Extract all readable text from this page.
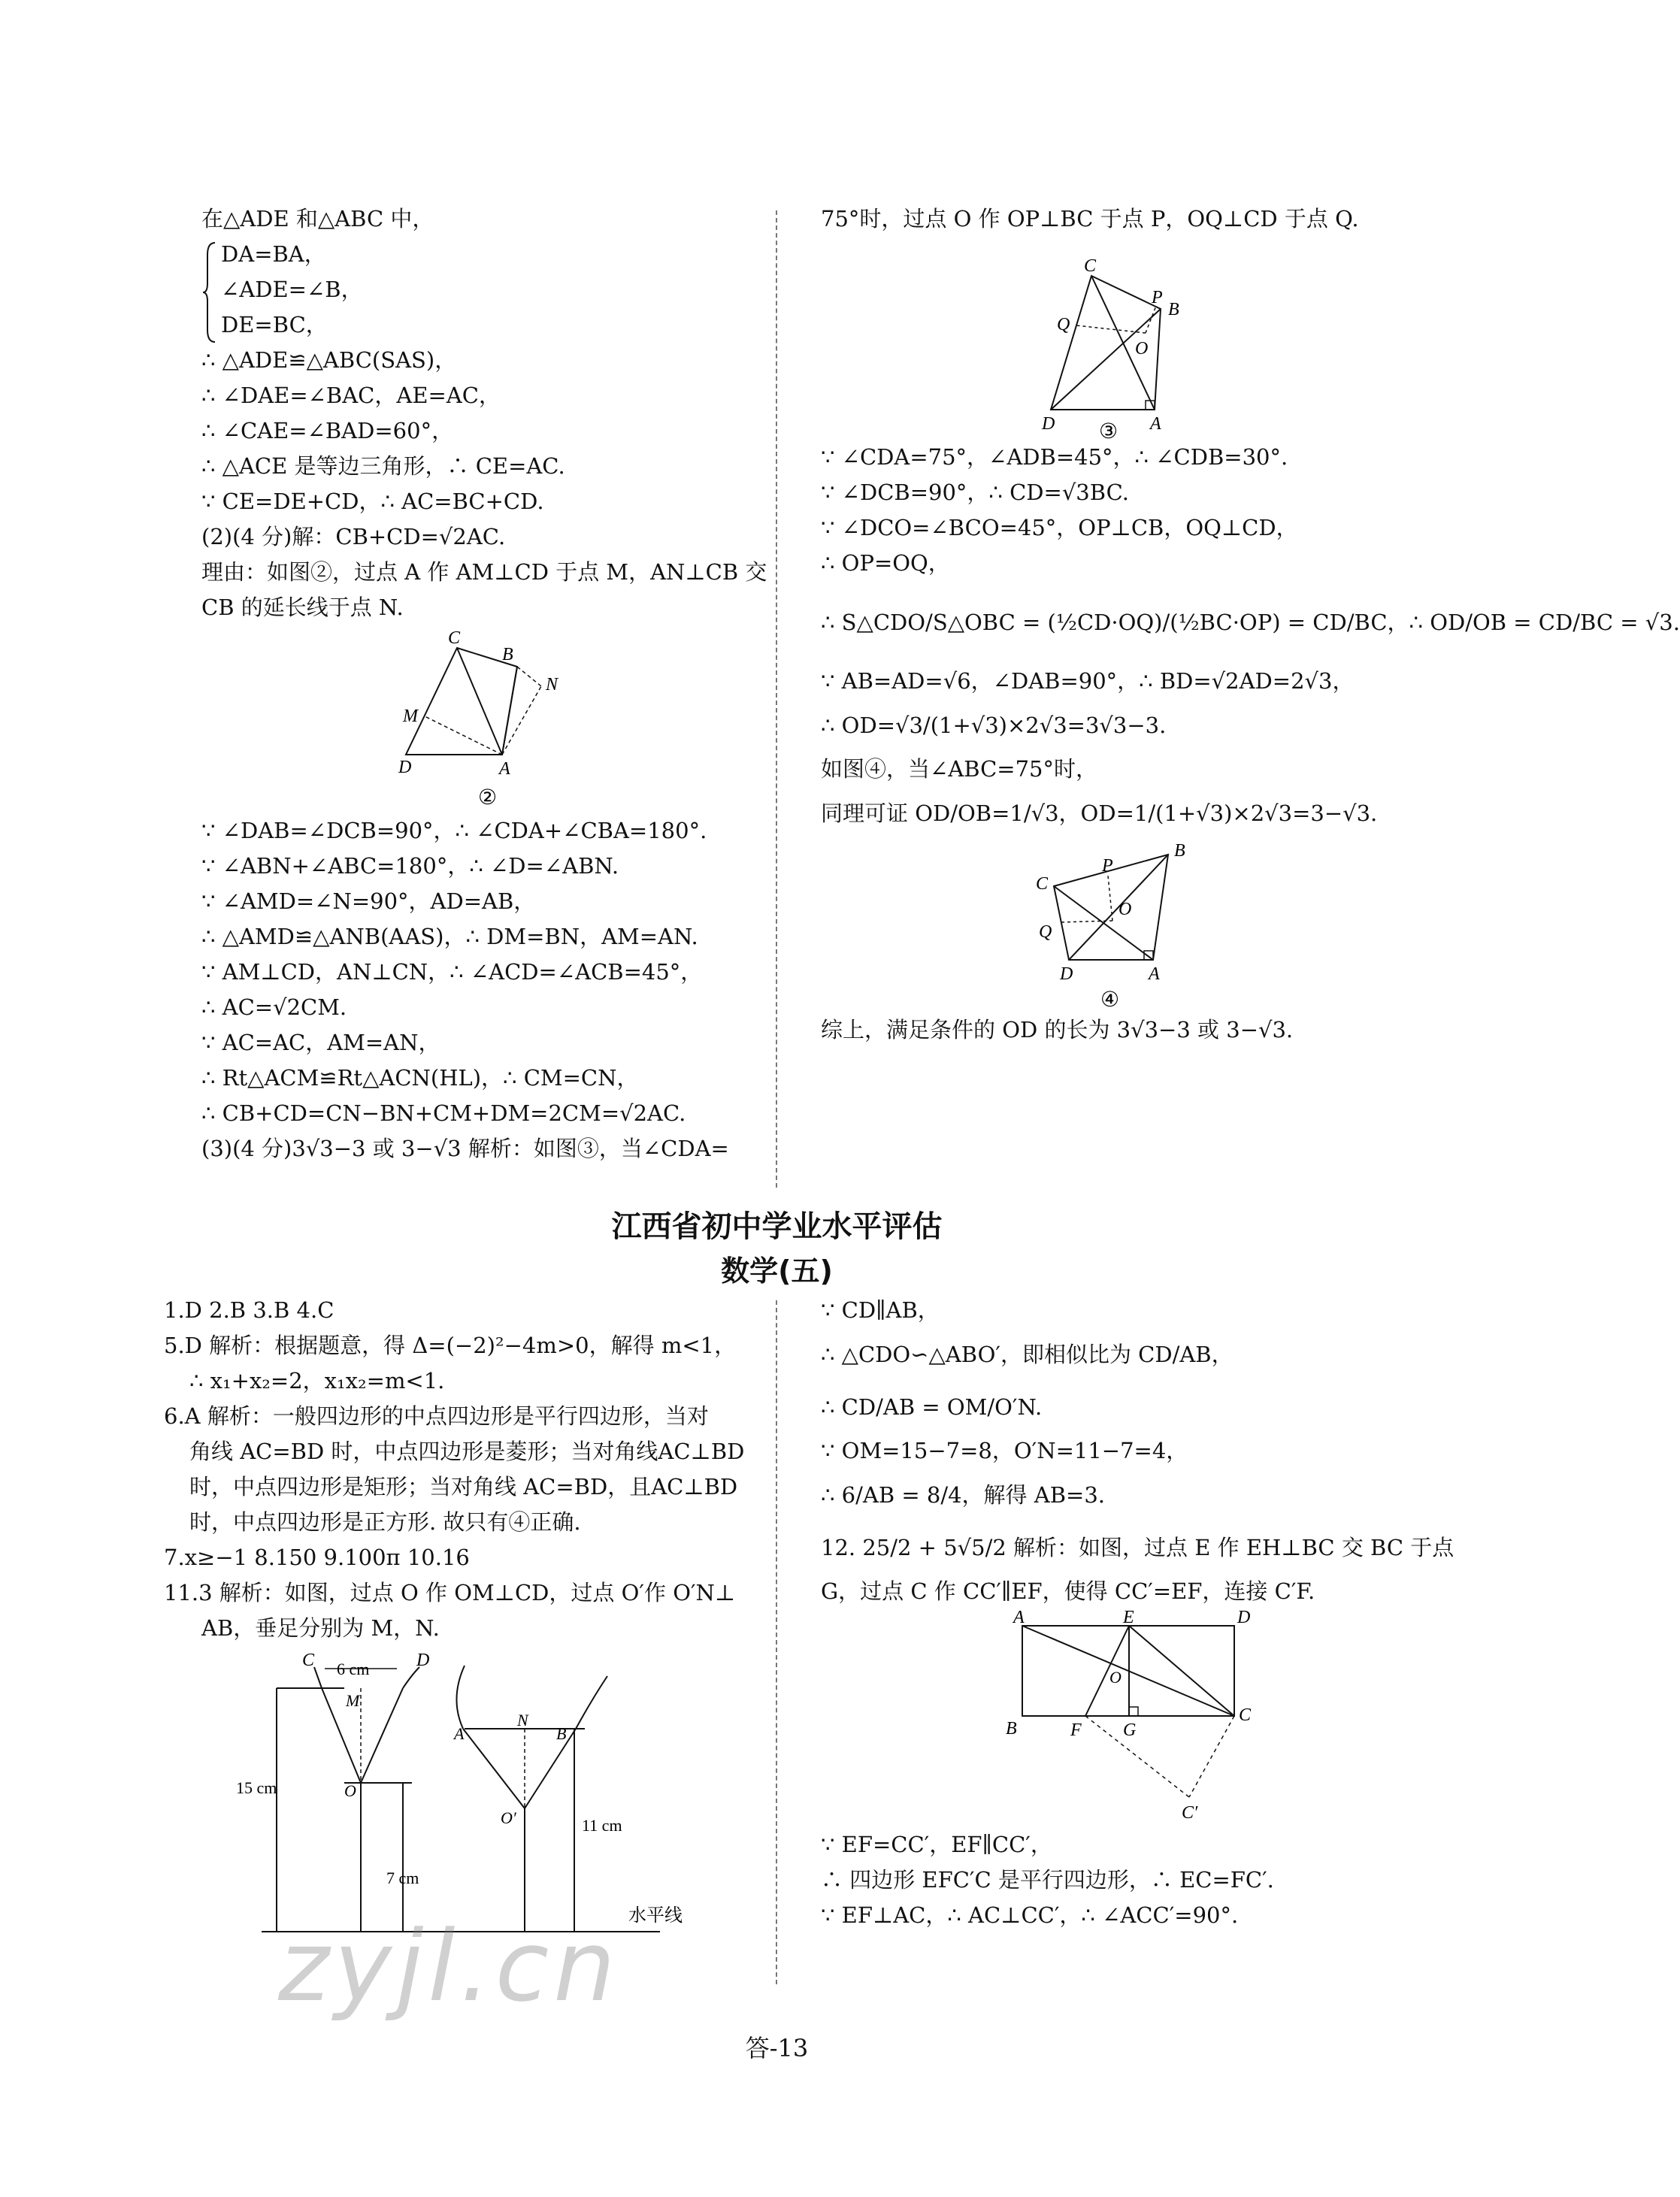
在△ADE 和△ABC 中，
DA=BA，
∠ADE=∠B，
DE=BC，
∴ △ADE≌△ABC(SAS)，
∴ ∠DAE=∠BAC，AE=AC，
∴ ∠CAE=∠BAD=60°，
∴ △ACE 是等边三角形，∴ CE=AC.
∵ CE=DE+CD，∴ AC=BC+CD.
(2)(4 分)解：CB+CD=√2AC.
理由：如图②，过点 A 作 AM⊥CD 于点 M，AN⊥CB 交
CB 的延长线于点 N.
C
B
N
M
D	A
②
∵ ∠DAB=∠DCB=90°，∴ ∠CDA+∠CBA=180°.
∵ ∠ABN+∠ABC=180°，∴ ∠D=∠ABN.
∵ ∠AMD=∠N=90°，AD=AB，
∴ △AMD≌△ANB(AAS)，∴ DM=BN，AM=AN.
∵ AM⊥CD，AN⊥CN，∴ ∠ACD=∠ACB=45°，
∴ AC=√2CM.
∵ AC=AC，AM=AN，
∴ Rt△ACM≌Rt△ACN(HL)，∴ CM=CN，
∴ CB+CD=CN−BN+CM+DM=2CM=√2AC.
(3)(4 分)3√3−3 或 3−√3 解析：如图③，当∠CDA=
75°时，过点 O 作 OP⊥BC 于点 P，OQ⊥CD 于点 Q.
C
P
B
Q
O
D	A
③
∵ ∠CDA=75°，∠ADB=45°，∴ ∠CDB=30°.
∵ ∠DCB=90°，∴ CD=√3BC.
∵ ∠DCO=∠BCO=45°，OP⊥CB，OQ⊥CD，
∴ OP=OQ，
∴ S△CDO/S△OBC = (½CD·OQ)/(½BC·OP) = CD/BC，∴ OD/OB = CD/BC = √3.
∵ AB=AD=√6，∠DAB=90°，∴ BD=√2AD=2√3，
∴ OD=√3/(1+√3)×2√3=3√3−3.
如图④，当∠ABC=75°时，
同理可证 OD/OB=1/√3，OD=1/(1+√3)×2√3=3−√3.
B
C
P
O
Q
D	A
④
综上，满足条件的 OD 的长为 3√3−3 或 3−√3.
江西省初中学业水平评估
数学(五)
1.D 2.B 3.B 4.C
5.D 解析：根据题意，得 Δ=(−2)²−4m>0，解得 m<1，
∴ x₁+x₂=2，x₁x₂=m<1.
6.A 解析：一般四边形的中点四边形是平行四边形，当对
角线 AC=BD 时，中点四边形是菱形；当对角线AC⊥BD
时，中点四边形是矩形；当对角线 AC=BD，且AC⊥BD
时，中点四边形是正方形. 故只有④正确.
7.x≥−1 8.150 9.100π 10.16
11.3 解析：如图，过点 O 作 OM⊥CD，过点 O′作 O′N⊥
AB，垂足分别为 M，N.
C 6 cm	D
M
A
N
B
15 cm	O
O′	11 cm
7 cm
水平线
∵ CD∥AB，
∴ △CDO∽△ABO′，即相似比为 CD/AB，
∴ CD/AB = OM/O′N.
∵ OM=15−7=8，O′N=11−7=4，
∴ 6/AB = 8/4，解得 AB=3.
12. 25/2 + 5√5/2 解析：如图，过点 E 作 EH⊥BC 交 BC 于点
G，过点 C 作 CC′∥EF，使得 CC′=EF，连接 C′F.
A	E	D
O
B	F G
C
C′
∵ EF=CC′，EF∥CC′，
∴ 四边形 EFC′C 是平行四边形，∴ EC=FC′.
∵ EF⊥AC，∴ AC⊥CC′，∴ ∠ACC′=90°.
zyjl.cn
答-13
